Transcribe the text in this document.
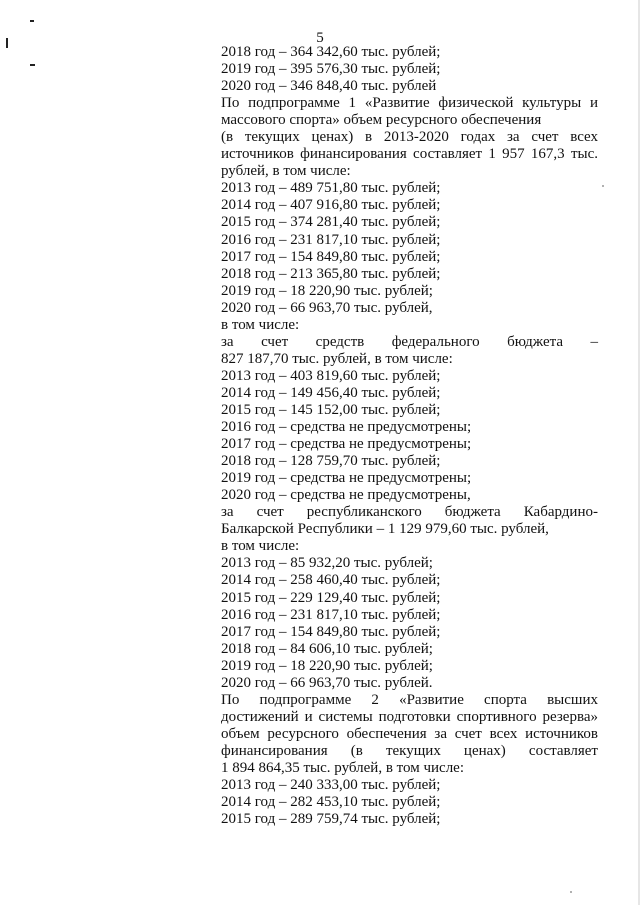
5
2018 год – 364 342,60 тыс. рублей;
2019 год – 395 576,30 тыс. рублей;
2020 год – 346 848,40 тыс. рублей
По подпрограмме 1 «Развитие физической культуры и
массового спорта» объем ресурсного обеспечения
(в текущих ценах) в 2013-2020 годах за счет всех
источников финансирования составляет 1 957 167,3 тыс.
рублей, в том числе:
2013 год – 489 751,80 тыс. рублей;
2014 год – 407 916,80 тыс. рублей;
2015 год – 374 281,40 тыс. рублей;
2016 год – 231 817,10 тыс. рублей;
2017 год – 154 849,80 тыс. рублей;
2018 год – 213 365,80 тыс. рублей;
2019 год – 18 220,90 тыс. рублей;
2020 год – 66 963,70 тыс. рублей,
в том числе:
за счет средств федерального бюджета –
827 187,70 тыс. рублей, в том числе:
2013 год – 403 819,60 тыс. рублей;
2014 год – 149 456,40 тыс. рублей;
2015 год – 145 152,00 тыс. рублей;
2016 год – средства не предусмотрены;
2017 год – средства не предусмотрены;
2018 год – 128 759,70 тыс. рублей;
2019 год – средства не предусмотрены;
2020 год – средства не предусмотрены,
за счет республиканского бюджета Кабардино-
Балкарской Республики – 1 129 979,60 тыс. рублей,
в том числе:
2013 год – 85 932,20 тыс. рублей;
2014 год – 258 460,40 тыс. рублей;
2015 год – 229 129,40 тыс. рублей;
2016 год – 231 817,10 тыс. рублей;
2017 год – 154 849,80 тыс. рублей;
2018 год – 84 606,10 тыс. рублей;
2019 год – 18 220,90 тыс. рублей;
2020 год – 66 963,70 тыс. рублей.
По подпрограмме 2 «Развитие спорта высших
достижений и системы подготовки спортивного резерва»
объем ресурсного обеспечения за счет всех источников
финансирования (в текущих ценах) составляет
1 894 864,35 тыс. рублей, в том числе:
2013 год – 240 333,00 тыс. рублей;
2014 год – 282 453,10 тыс. рублей;
2015 год – 289 759,74 тыс. рублей;
